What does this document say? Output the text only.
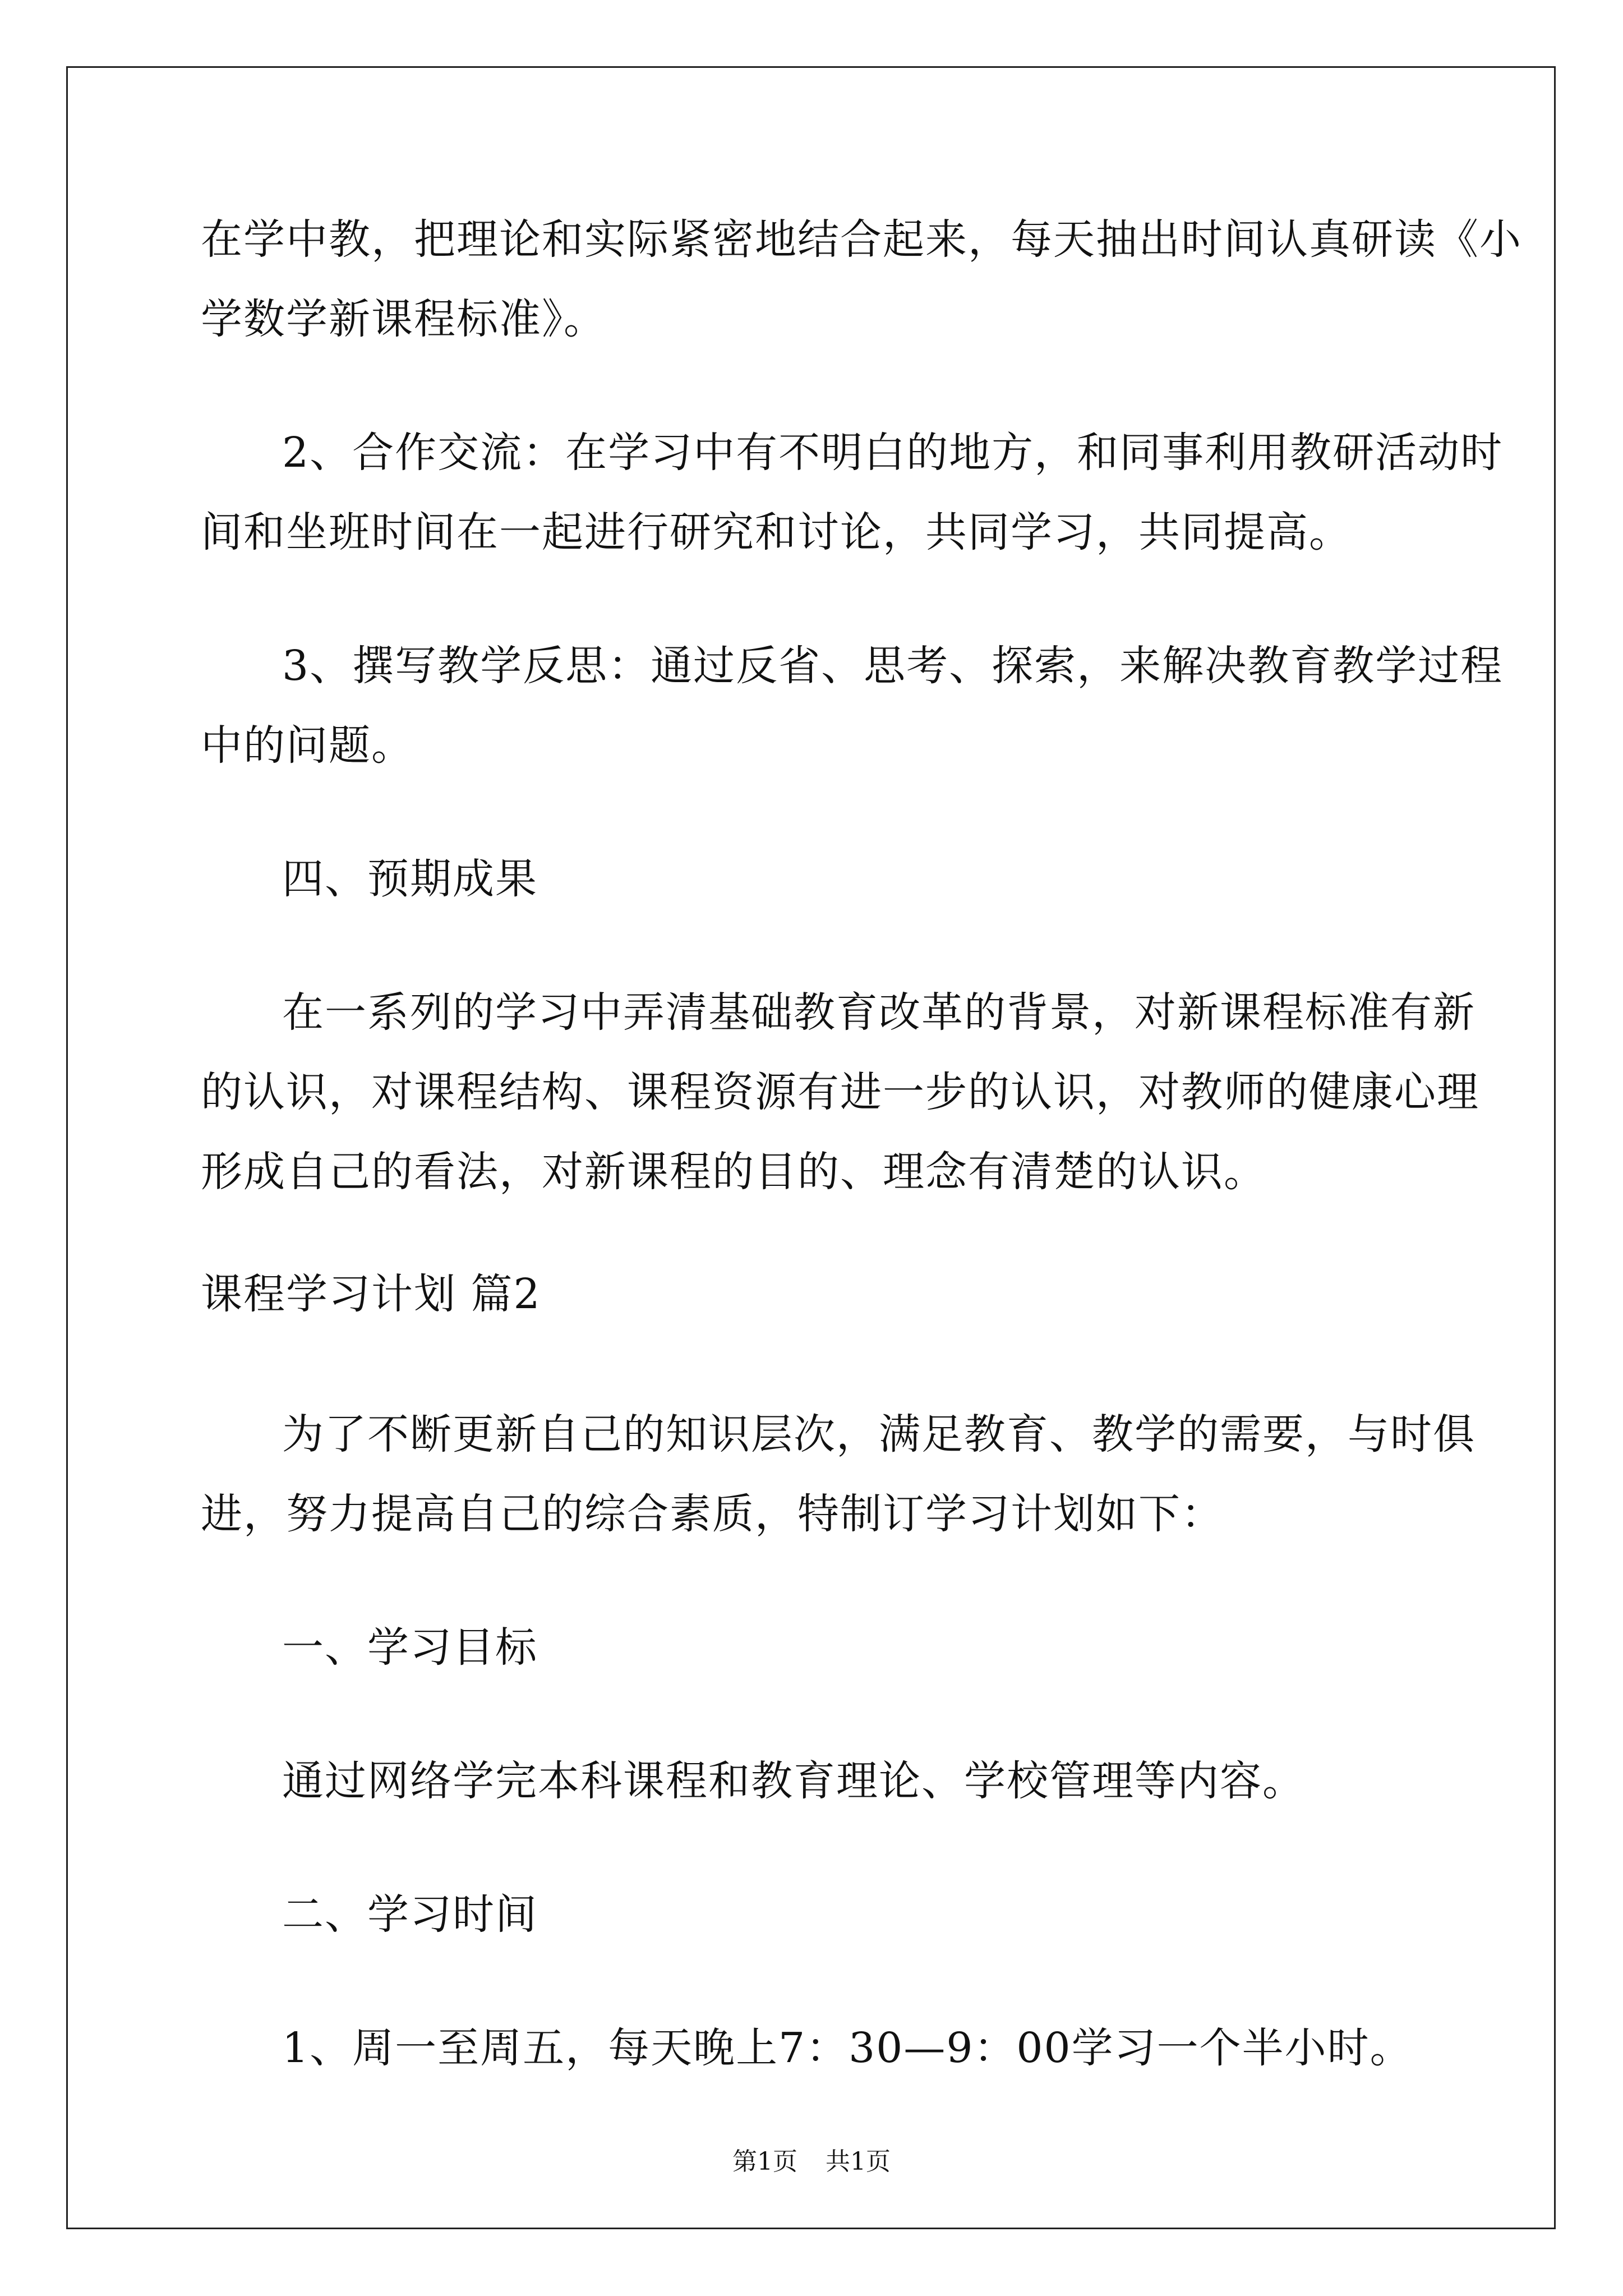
在学中教，把理论和实际紧密地结合起来，每天抽出时间认真研读《小
学数学新课程标准》。
2、合作交流：在学习中有不明白的地方，和同事利用教研活动时
间和坐班时间在一起进行研究和讨论，共同学习，共同提高。
3、撰写教学反思：通过反省、思考、探索，来解决教育教学过程
中的问题。
四、预期成果
在一系列的学习中弄清基础教育改革的背景，对新课程标准有新
的认识，对课程结构、课程资源有进一步的认识，对教师的健康心理
形成自己的看法，对新课程的目的、理念有清楚的认识。
课程学习计划 篇2
为了不断更新自己的知识层次，满足教育、教学的需要，与时俱
进，努力提高自己的综合素质，特制订学习计划如下：
一、学习目标
通过网络学完本科课程和教育理论、学校管理等内容。
二、学习时间
1、周一至周五，每天晚上7：30—9：00学习一个半小时。
第1页 共1页
